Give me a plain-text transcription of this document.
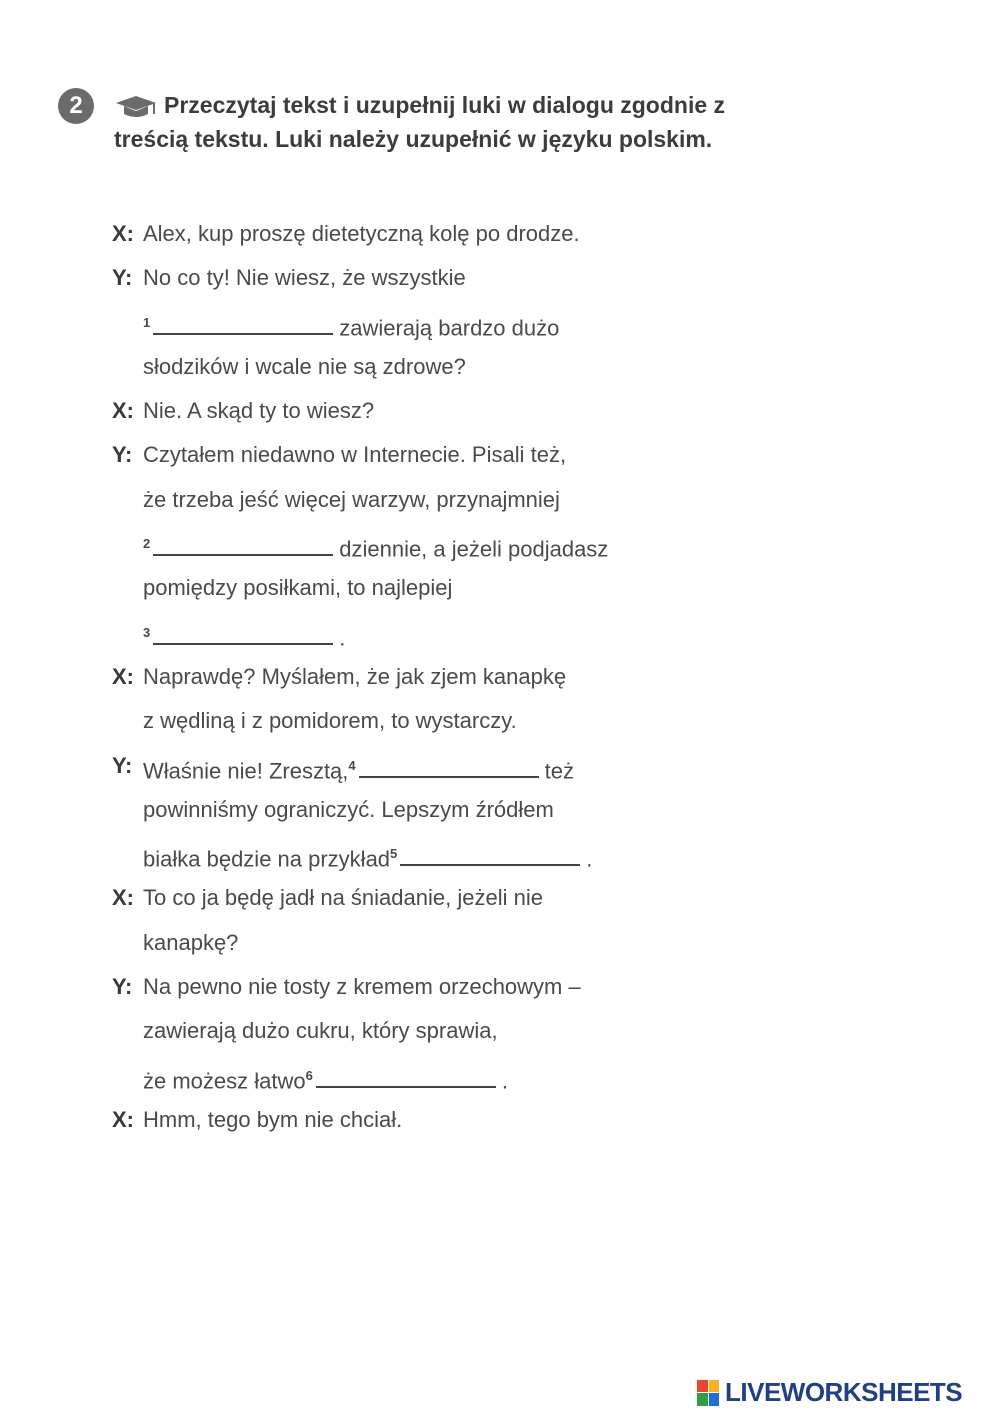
2	Przeczytaj tekst i uzupełnij luki w dialogu zgodnie z treścią tekstu. Luki należy uzupełnić w języku polskim.
X: Alex, kup proszę dietetyczną kolę po drodze.
Y: No co ty! Nie wiesz, że wszystkie
$^1$	zawierają bardzo dużo
słodzików i wcale nie są zdrowe?
X: Nie. A skąd ty to wiesz?
Y: Czytałem niedawno w Internecie. Pisali też,
że trzeba jeść więcej warzyw, przynajmniej
$^2$	dziennie, a jeżeli podjadasz
pomiędzy posiłkami, to najlepiej
$^3$	.
X: Naprawdę? Myślałem, że jak zjem kanapkę
z wędliną i z pomidorem, to wystarczy.
Y: Właśnie nie! Zresztą,$^4$	też
powinniśmy ograniczyć. Lepszym źródłem
białka będzie na przykład$^5$	.
X: To co ja będę jadł na śniadanie, jeżeli nie
kanapkę?
Y: Na pewno nie tosty z kremem orzechowym –
zawierają dużo cukru, który sprawia,
że możesz łatwo$^6$	.
X: Hmm, tego bym nie chciał.
LIVEWORKSHEETS
